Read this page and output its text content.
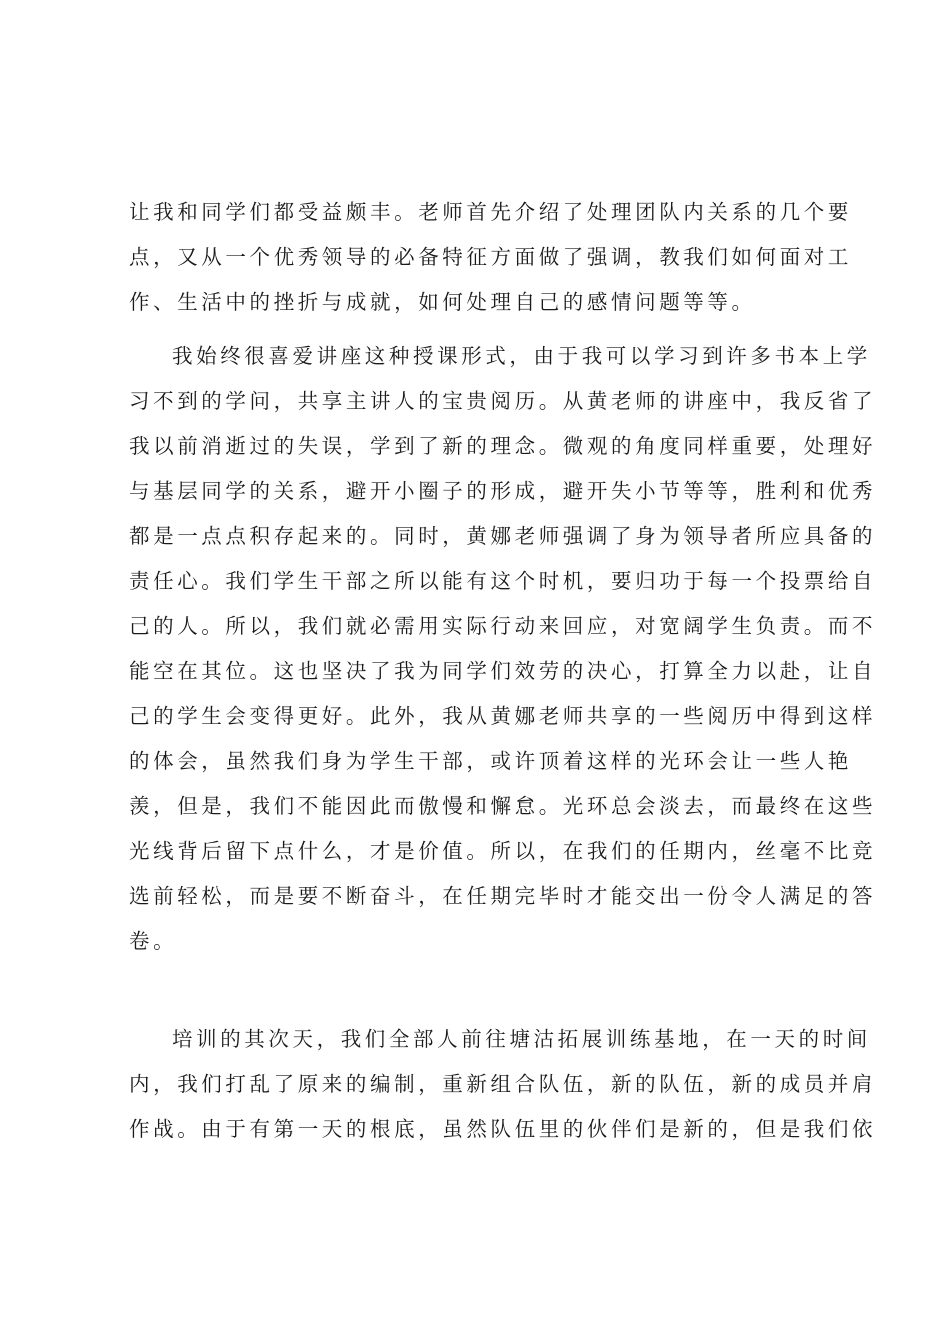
让我和同学们都受益颇丰。老师首先介绍了处理团队内关系的几个要

点，又从一个优秀领导的必备特征方面做了强调，教我们如何面对工

作、生活中的挫折与成就，如何处理自己的感情问题等等。

我始终很喜爱讲座这种授课形式，由于我可以学习到许多书本上学

习不到的学问，共享主讲人的宝贵阅历。从黄老师的讲座中，我反省了

我以前消逝过的失误，学到了新的理念。微观的角度同样重要，处理好

与基层同学的关系，避开小圈子的形成，避开失小节等等，胜利和优秀

都是一点点积存起来的。同时，黄娜老师强调了身为领导者所应具备的

责任心。我们学生干部之所以能有这个时机，要归功于每一个投票给自

己的人。所以，我们就必需用实际行动来回应，对宽阔学生负责。而不

能空在其位。这也坚决了我为同学们效劳的决心，打算全力以赴，让自

己的学生会变得更好。此外，我从黄娜老师共享的一些阅历中得到这样

的体会，虽然我们身为学生干部，或许顶着这样的光环会让一些人艳

羡，但是，我们不能因此而傲慢和懈怠。光环总会淡去，而最终在这些

光线背后留下点什么，才是价值。所以，在我们的任期内，丝毫不比竞

选前轻松，而是要不断奋斗，在任期完毕时才能交出一份令人满足的答

卷。

培训的其次天，我们全部人前往塘沽拓展训练基地，在一天的时间

内，我们打乱了原来的编制，重新组合队伍，新的队伍，新的成员并肩

作战。由于有第一天的根底，虽然队伍里的伙伴们是新的，但是我们依
